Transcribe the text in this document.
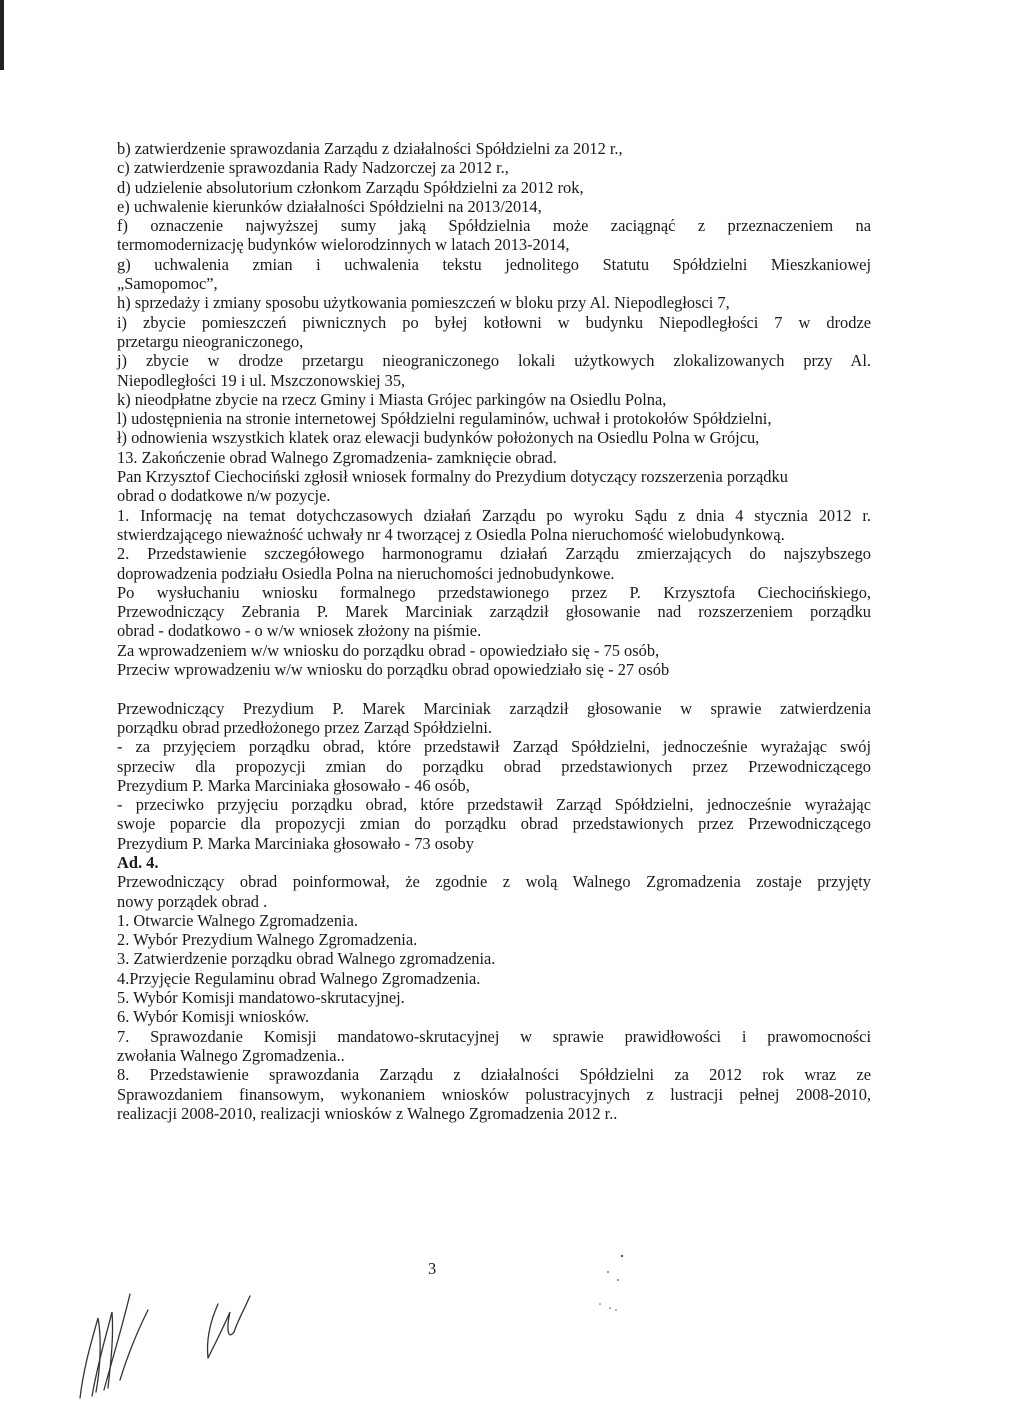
b) zatwierdzenie sprawozdania Zarządu z działalności Spółdzielni za 2012 r.,
c) zatwierdzenie sprawozdania Rady Nadzorczej za 2012 r.,
d) udzielenie absolutorium członkom Zarządu Spółdzielni za 2012 rok,
e) uchwalenie kierunków działalności Spółdzielni na 2013/2014,
f) oznaczenie najwyższej sumy jaką Spółdzielnia może zaciągnąć z przeznaczeniem na
termomodernizację budynków wielorodzinnych w latach 2013-2014,
g) uchwalenia zmian i uchwalenia tekstu jednolitego Statutu Spółdzielni Mieszkaniowej
„Samopomoc”,
h) sprzedaży i zmiany sposobu użytkowania pomieszczeń w bloku przy Al. Niepodległosci 7,
i) zbycie pomieszczeń piwnicznych po byłej kotłowni w budynku Niepodległości 7 w drodze
przetargu nieograniczonego,
j) zbycie w drodze przetargu nieograniczonego lokali użytkowych zlokalizowanych przy Al.
Niepodległości 19 i ul. Mszczonowskiej 35,
k) nieodpłatne zbycie na rzecz Gminy i Miasta Grójec parkingów na Osiedlu Polna,
l) udostępnienia na stronie internetowej Spółdzielni regulaminów, uchwał i protokołów Spółdzielni,
ł) odnowienia wszystkich klatek oraz elewacji budynków położonych na Osiedlu Polna w Grójcu,
13. Zakończenie obrad Walnego Zgromadzenia- zamknięcie obrad.
Pan Krzysztof Ciechociński zgłosił wniosek formalny do Prezydium dotyczący rozszerzenia porządku
obrad o dodatkowe n/w pozycje.
1. Informację na temat dotychczasowych działań Zarządu po wyroku Sądu z dnia 4 stycznia 2012 r.
stwierdzającego nieważność uchwały nr 4 tworzącej z Osiedla Polna nieruchomość wielobudynkową.
2. Przedstawienie szczegółowego harmonogramu działań Zarządu zmierzających do najszybszego
doprowadzenia podziału Osiedla Polna na nieruchomości jednobudynkowe.
Po wysłuchaniu wniosku formalnego przedstawionego przez P. Krzysztofa Ciechocińskiego,
Przewodniczący Zebrania P. Marek Marciniak zarządził głosowanie nad rozszerzeniem porządku
obrad - dodatkowo - o w/w wniosek złożony na piśmie.
Za wprowadzeniem w/w wniosku do porządku obrad - opowiedziało się - 75 osób,
Przeciw wprowadzeniu w/w wniosku do porządku obrad opowiedziało się - 27 osób

Przewodniczący Prezydium P. Marek Marciniak zarządził głosowanie w sprawie zatwierdzenia
porządku obrad przedłożonego przez Zarząd Spółdzielni.
- za przyjęciem porządku obrad, które przedstawił Zarząd Spółdzielni, jednocześnie wyrażając swój
sprzeciw dla propozycji zmian do porządku obrad przedstawionych przez Przewodniczącego
Prezydium P. Marka Marciniaka głosowało - 46 osób,
- przeciwko przyjęciu porządku obrad, które przedstawił Zarząd Spółdzielni, jednocześnie wyrażając
swoje poparcie dla propozycji zmian do porządku obrad przedstawionych przez Przewodniczącego
Prezydium P. Marka Marciniaka głosowało - 73 osoby
Ad. 4.
Przewodniczący obrad poinformował, że zgodnie z wolą Walnego Zgromadzenia zostaje przyjęty
nowy porządek obrad .
1. Otwarcie Walnego Zgromadzenia.
2. Wybór Prezydium Walnego Zgromadzenia.
3. Zatwierdzenie porządku obrad Walnego zgromadzenia.
4.Przyjęcie Regulaminu obrad Walnego Zgromadzenia.
5. Wybór Komisji mandatowo-skrutacyjnej.
6. Wybór Komisji wniosków.
7. Sprawozdanie Komisji mandatowo-skrutacyjnej w sprawie prawidłowości i prawomocności
zwołania Walnego Zgromadzenia..
8. Przedstawienie sprawozdania Zarządu z działalności Spółdzielni za 2012 rok wraz ze
Sprawozdaniem finansowym, wykonaniem wniosków polustracyjnych z lustracji pełnej 2008-2010,
realizacji 2008-2010, realizacji wniosków z Walnego Zgromadzenia 2012 r..
3
